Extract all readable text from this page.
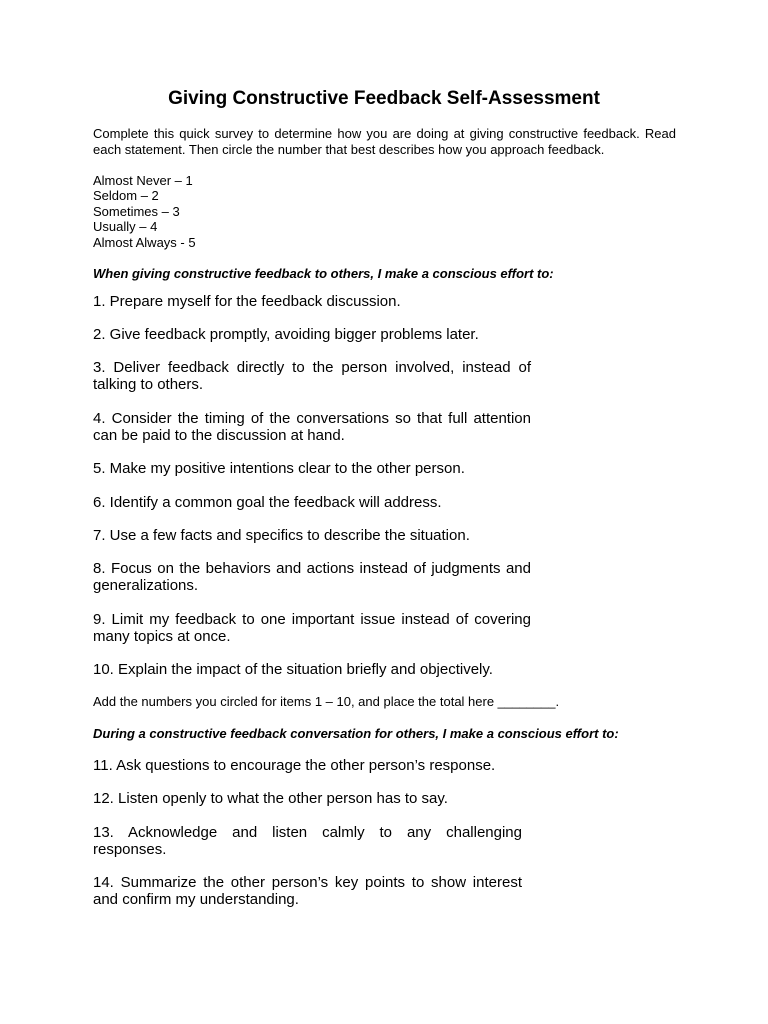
Giving Constructive Feedback Self-Assessment

Complete this quick survey to determine how you are doing at giving constructive feedback. Read each statement. Then circle the number that best describes how you approach feedback.

Almost Never – 1
Seldom – 2
Sometimes – 3
Usually – 4
Almost Always - 5
When giving constructive feedback to others, I make a conscious effort to:
1. Prepare myself for the feedback discussion.
2. Give feedback promptly, avoiding bigger problems later.
3. Deliver feedback directly to the person involved, instead of talking to others.
4. Consider the timing of the conversations so that full attention can be paid to the discussion at hand.
5. Make my positive intentions clear to the other person.
6. Identify a common goal the feedback will address.
7. Use a few facts and specifics to describe the situation.
8. Focus on the behaviors and actions instead of judgments and generalizations.
9. Limit my feedback to one important issue instead of covering many topics at once.
10. Explain the impact of the situation briefly and objectively.
Add the numbers you circled for items 1 – 10, and place the total here ________.
During a constructive feedback conversation for others, I make a conscious effort to:
11. Ask questions to encourage the other person’s response.
12. Listen openly to what the other person has to say.
13. Acknowledge and listen calmly to any challenging responses.
14. Summarize the other person’s key points to show interest and confirm my understanding.
